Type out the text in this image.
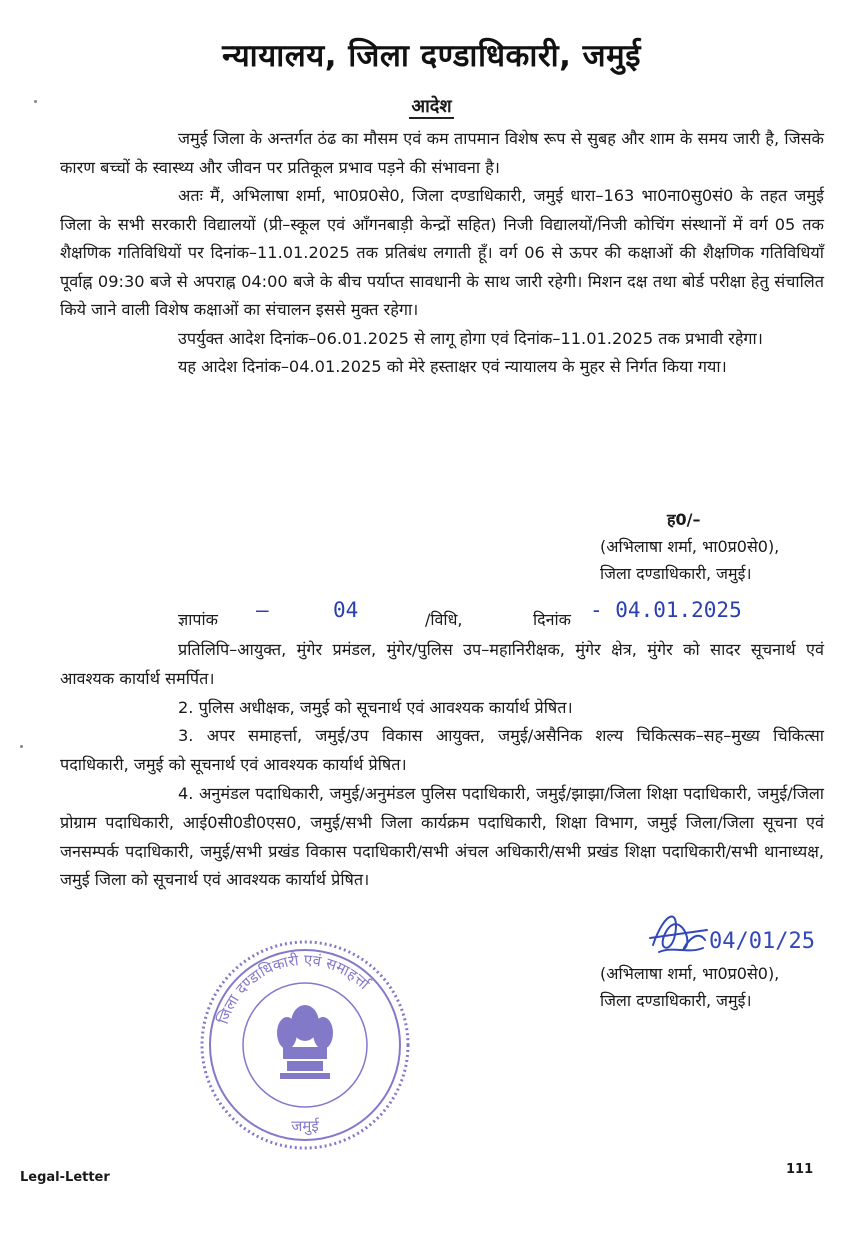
न्यायालय, जिला दण्डाधिकारी, जमुई
आदेश

जमुई जिला के अन्तर्गत ठंढ का मौसम एवं कम तापमान विशेष रूप से सुबह और शाम के समय जारी है, जिसके कारण बच्चों के स्वास्थ्य और जीवन पर प्रतिकूल प्रभाव पड़ने की संभावना है।

अतः मैं, अभिलाषा शर्मा, भा0प्र0से0, जिला दण्डाधिकारी, जमुई धारा–163 भा0ना0सु0सं0 के तहत जमुई जिला के सभी सरकारी विद्यालयों (प्री–स्कूल एवं आँगनबाड़ी केन्द्रों सहित) निजी विद्यालयों/निजी कोचिंग संस्थानों में वर्ग 05 तक शैक्षणिक गतिविधियों पर दिनांक–11.01.2025 तक प्रतिबंध लगाती हूँ। वर्ग 06 से ऊपर की कक्षाओं की शैक्षणिक गतिविधियाँ पूर्वाह्न 09:30 बजे से अपराह्न 04:00 बजे के बीच पर्याप्त सावधानी के साथ जारी रहेगी। मिशन दक्ष तथा बोर्ड परीक्षा हेतु संचालित किये जाने वाली विशेष कक्षाओं का संचालन इससे मुक्त रहेगा।

उपर्युक्त आदेश दिनांक–06.01.2025 से लागू होगा एवं दिनांक–11.01.2025 तक प्रभावी रहेगा।

यह आदेश दिनांक–04.01.2025 को मेरे हस्ताक्षर एवं न्यायालय के मुहर से निर्गत किया गया।

ह0/–
(अभिलाषा शर्मा, भा0प्र0से0),
जिला दण्डाधिकारी, जमुई।
ज्ञापांक –	04	/विधि,	दिनांक - 04.01.2025

प्रतिलिपि–आयुक्त, मुंगेर प्रमंडल, मुंगेर/पुलिस उप–महानिरीक्षक, मुंगेर क्षेत्र, मुंगेर को सादर सूचनार्थ एवं आवश्यक कार्यार्थ समर्पित।

2. पुलिस अधीक्षक, जमुई को सूचनार्थ एवं आवश्यक कार्यार्थ प्रेषित।

3. अपर समाहर्त्ता, जमुई/उप विकास आयुक्त, जमुई/असैनिक शल्य चिकित्सक–सह–मुख्य चिकित्सा पदाधिकारी, जमुई को सूचनार्थ एवं आवश्यक कार्यार्थ प्रेषित।

4. अनुमंडल पदाधिकारी, जमुई/अनुमंडल पुलिस पदाधिकारी, जमुई/झाझा/जिला शिक्षा पदाधिकारी, जमुई/जिला प्रोग्राम पदाधिकारी, आई0सी0डी0एस0, जमुई/सभी जिला कार्यक्रम पदाधिकारी, शिक्षा विभाग, जमुई जिला/जिला सूचना एवं जनसम्पर्क पदाधिकारी, जमुई/सभी प्रखंड विकास पदाधिकारी/सभी अंचल अधिकारी/सभी प्रखंड शिक्षा पदाधिकारी/सभी थानाध्यक्ष, जमुई जिला को सूचनार्थ एवं आवश्यक कार्यार्थ प्रेषित।

04/01/25
(अभिलाषा शर्मा, भा0प्र0से0),
जिला दण्डाधिकारी, जमुई।
जिला दण्डाधिकारी एवं समाहर्त्ता
जमुई
Legal-Letter
111
